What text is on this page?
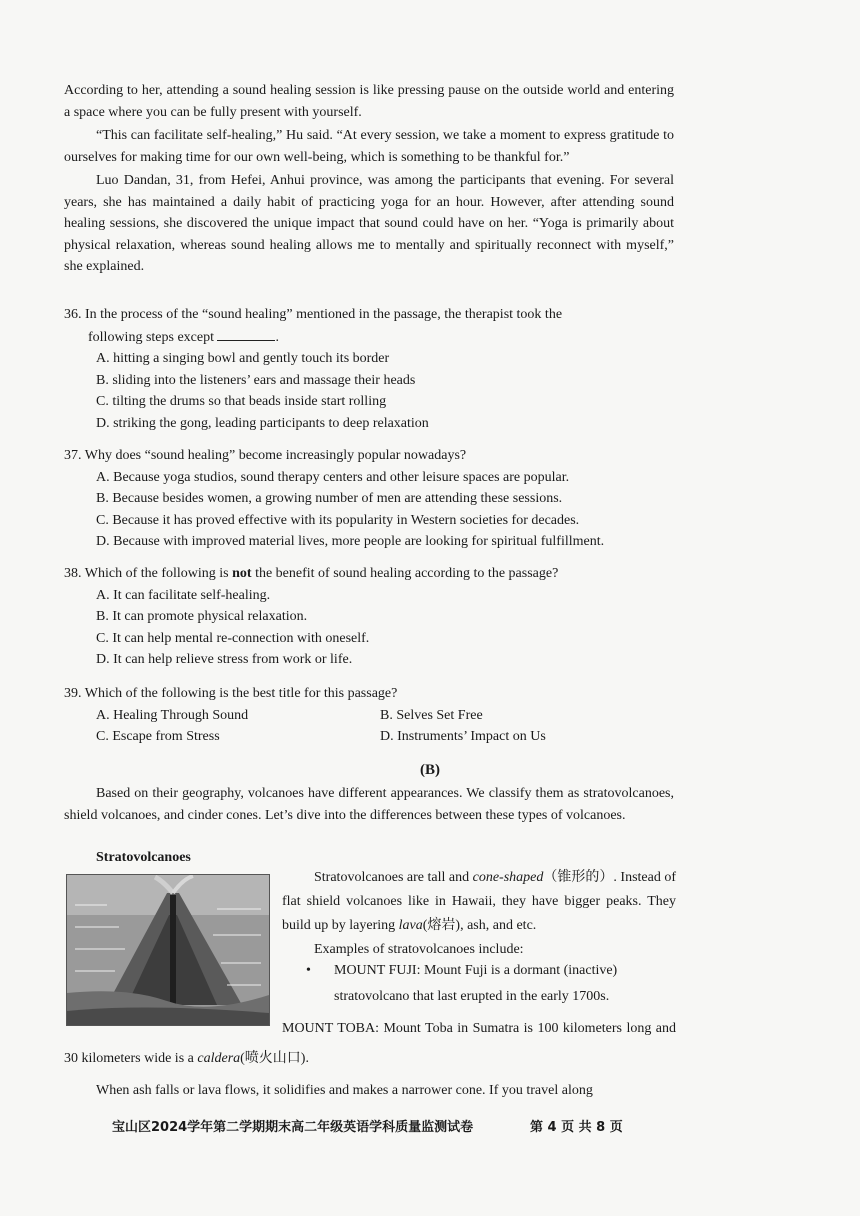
According to her, attending a sound healing session is like pressing pause on the outside world and entering a space where you can be fully present with yourself.

“This can facilitate self-healing,” Hu said. “At every session, we take a moment to express gratitude to ourselves for making time for our own well-being, which is something to be thankful for.”

Luo Dandan, 31, from Hefei, Anhui province, was among the participants that evening. For several years, she has maintained a daily habit of practicing yoga for an hour. However, after attending sound healing sessions, she discovered the unique impact that sound could have on her. “Yoga is primarily about physical relaxation, whereas sound healing allows me to mentally and spiritually reconnect with myself,” she explained.

36. In the process of the “sound healing” mentioned in the passage, the therapist took the

following steps except	.

A. hitting a singing bowl and gently touch its border
B. sliding into the listeners’ ears and massage their heads
C. tilting the drums so that beads inside start rolling
D. striking the gong, leading participants to deep relaxation

37. Why does “sound healing” become increasingly popular nowadays?

A. Because yoga studios, sound therapy centers and other leisure spaces are popular.
B. Because besides women, a growing number of men are attending these sessions.
C. Because it has proved effective with its popularity in Western societies for decades.
D. Because with improved material lives, more people are looking for spiritual fulfillment.

38. Which of the following is not the benefit of sound healing according to the passage?

A. It can facilitate self-healing.
B. It can promote physical relaxation.
C. It can help mental re-connection with oneself.
D. It can help relieve stress from work or life.

39. Which of the following is the best title for this passage?

A. Healing Through Sound	B. Selves Set Free
C. Escape from Stress	D. Instruments’ Impact on Us
(B)
Based on their geography, volcanoes have different appearances. We classify them as stratovolcanoes, shield volcanoes, and cinder cones. Let’s dive into the differences between these types of volcanoes.
Stratovolcanoes

Stratovolcanoes are tall and cone-shaped（锥形的）. Instead of flat shield volcanoes like in Hawaii, they have bigger peaks. They build up by layering lava(熔岩), ash, and etc.

Examples of stratovolcanoes include:

• MOUNT FUJI: Mount Fuji is a dormant (inactive) stratovolcano that last erupted in the early 1700s.

MOUNT TOBA: Mount Toba in Sumatra is 100 kilometers long and 30 kilometers wide is a caldera(喷火山口).

When ash falls or lava flows, it solidifies and makes a narrower cone. If you travel along

宝山区2024学年第二学期期末高二年级英语学科质量监测试卷	第 4 页 共 8 页
